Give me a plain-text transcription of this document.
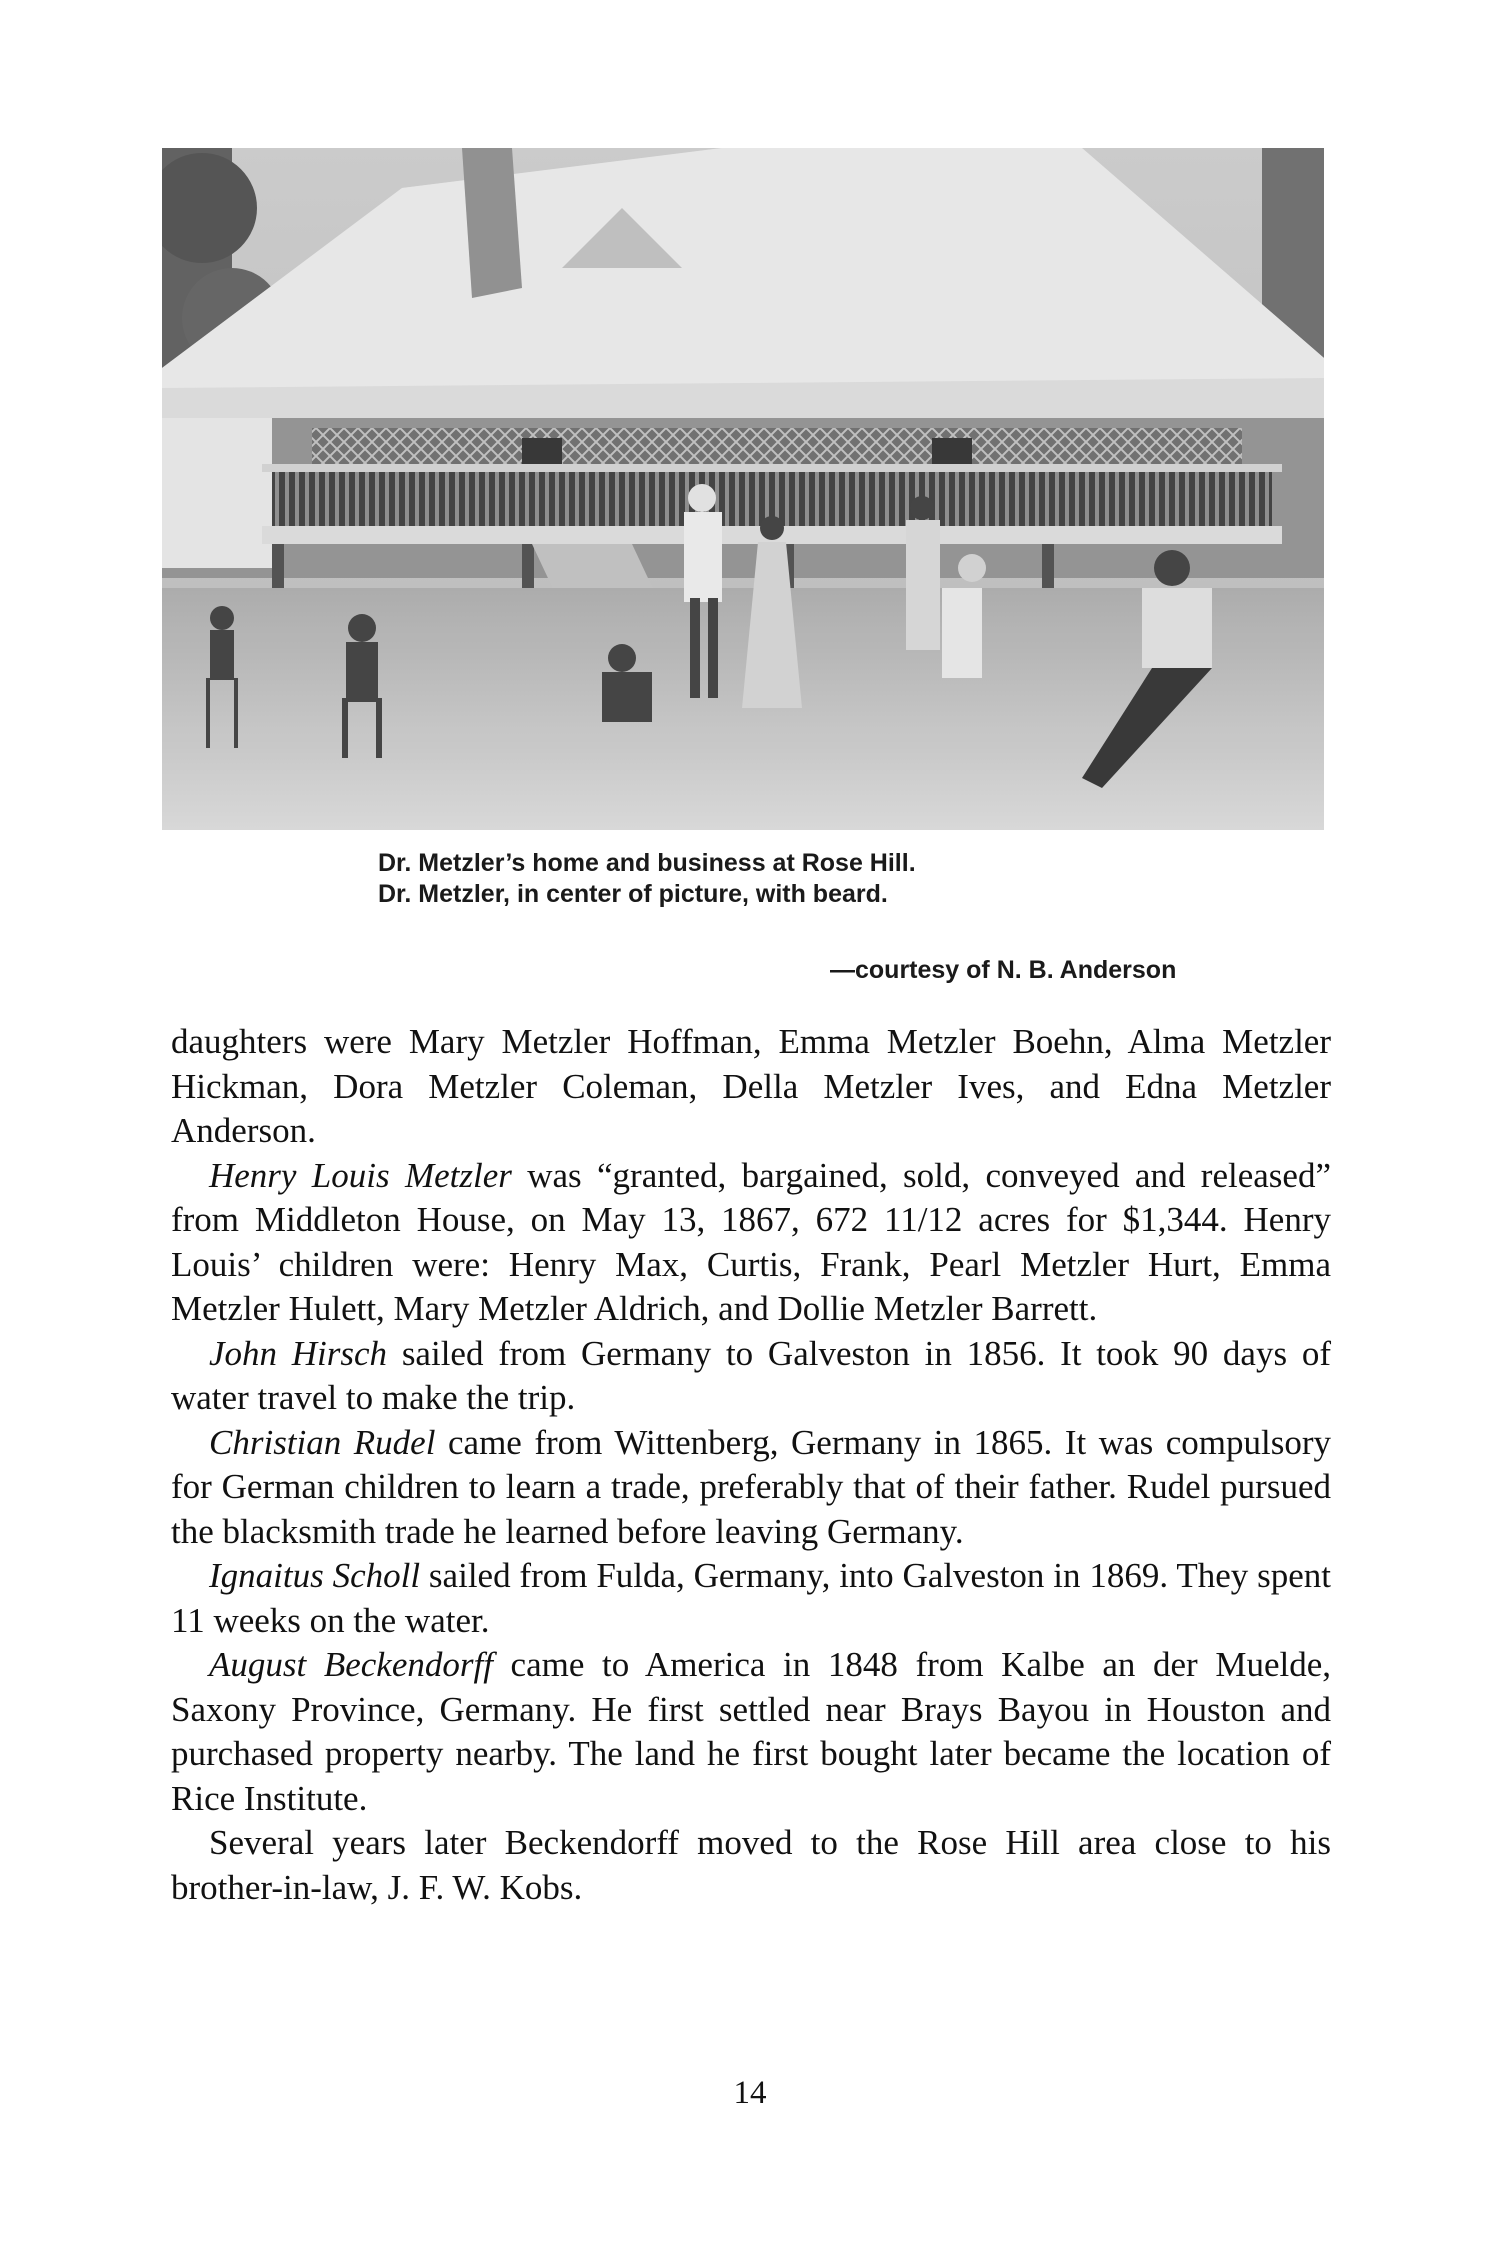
Dr. Metzler’s home and business at Rose Hill.
Dr. Metzler, in center of picture, with beard.
—courtesy of N. B. Anderson

daughters were Mary Metzler Hoffman, Emma Metzler Boehn, Alma Metzler Hickman, Dora Metzler Coleman, Della Metzler Ives, and Edna Metzler Anderson.

Henry Louis Metzler was “granted, bargained, sold, conveyed and released” from Middleton House, on May 13, 1867, 672 11/12 acres for $1,344. Henry Louis’ children were: Henry Max, Curtis, Frank, Pearl Metzler Hurt, Emma Metzler Hulett, Mary Metzler Aldrich, and Dollie Metzler Barrett.

John Hirsch sailed from Germany to Galveston in 1856. It took 90 days of water travel to make the trip.

Christian Rudel came from Wittenberg, Germany in 1865. It was compulsory for German children to learn a trade, preferably that of their father. Rudel pursued the blacksmith trade he learned before leaving Germany.

Ignaitus Scholl sailed from Fulda, Germany, into Galveston in 1869. They spent 11 weeks on the water.

August Beckendorff came to America in 1848 from Kalbe an der Muelde, Saxony Province, Germany. He first settled near Brays Bayou in Houston and purchased property nearby. The land he first bought later became the location of Rice Institute.

Several years later Beckendorff moved to the Rose Hill area close to his brother-in-law, J. F. W. Kobs.

14
